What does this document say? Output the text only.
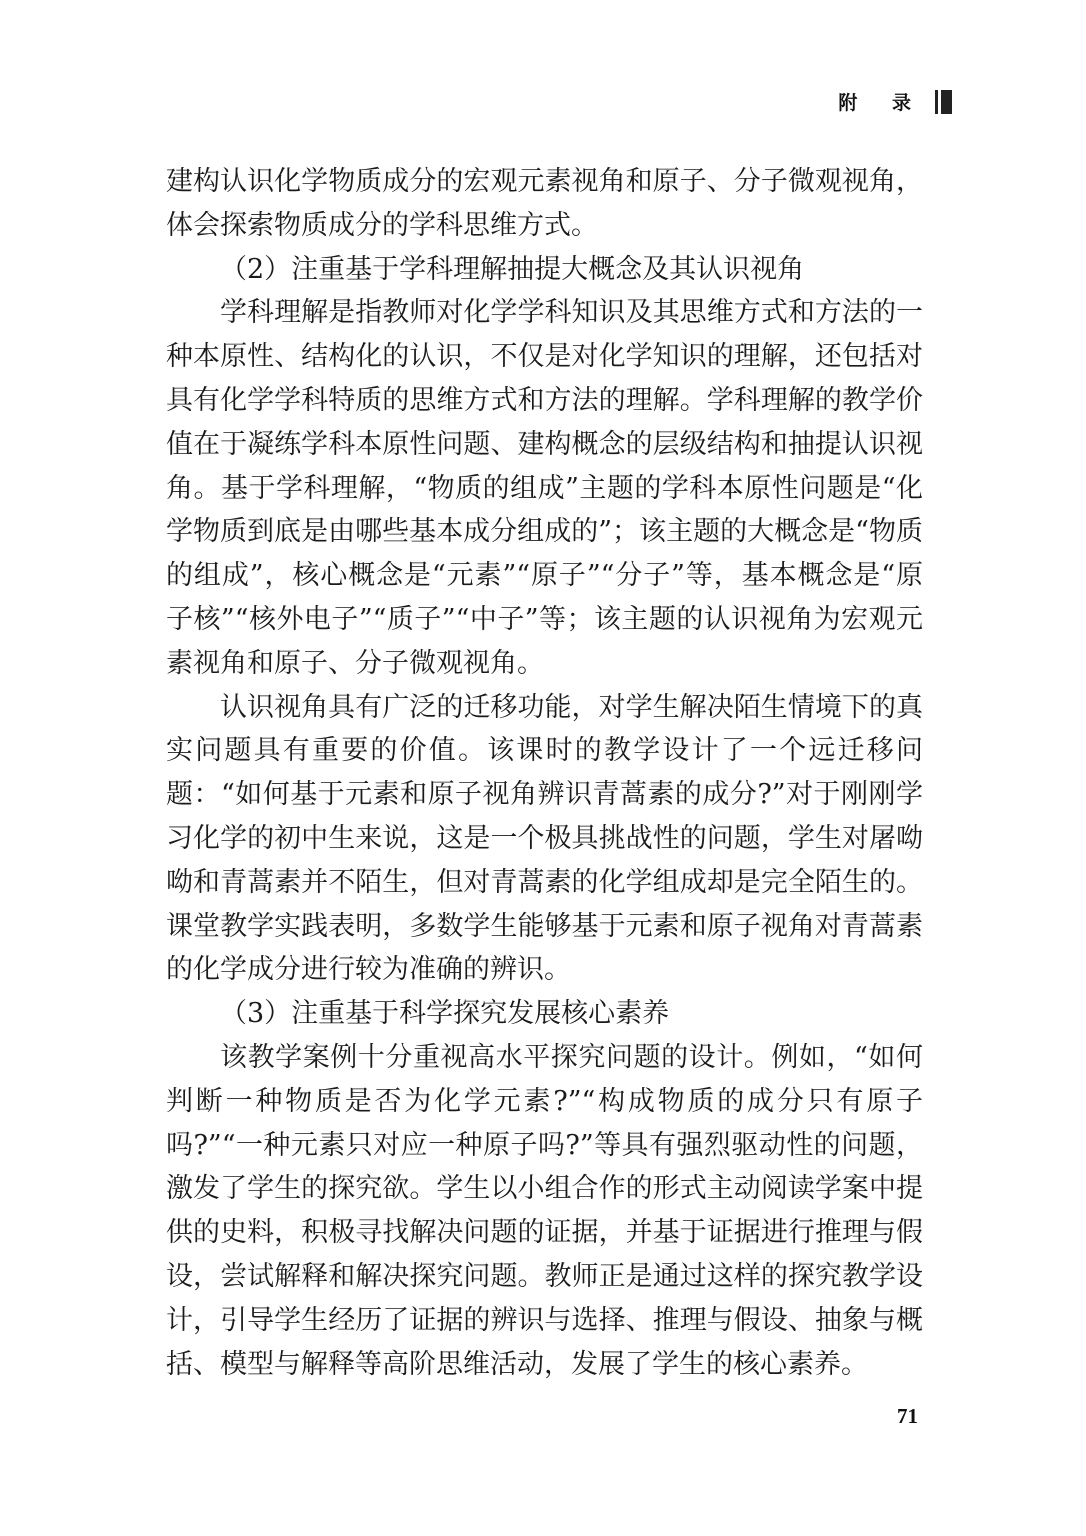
附 录

建构认识化学物质成分的宏观元素视角和原子、分子微观视角，体会探索物质成分的学科思维方式。

（2）注重基于学科理解抽提大概念及其认识视角

学科理解是指教师对化学学科知识及其思维方式和方法的一种本原性、结构化的认识，不仅是对化学知识的理解，还包括对具有化学学科特质的思维方式和方法的理解。学科理解的教学价值在于凝练学科本原性问题、建构概念的层级结构和抽提认识视角。基于学科理解，“物质的组成”主题的学科本原性问题是“化学物质到底是由哪些基本成分组成的”；该主题的大概念是“物质的组成”，核心概念是“元素”“原子”“分子”等，基本概念是“原子核”“核外电子”“质子”“中子”等；该主题的认识视角为宏观元素视角和原子、分子微观视角。

认识视角具有广泛的迁移功能，对学生解决陌生情境下的真实问题具有重要的价值。该课时的教学设计了一个远迁移问题：“如何基于元素和原子视角辨识青蒿素的成分?”对于刚刚学习化学的初中生来说，这是一个极具挑战性的问题，学生对屠呦呦和青蒿素并不陌生，但对青蒿素的化学组成却是完全陌生的。课堂教学实践表明，多数学生能够基于元素和原子视角对青蒿素的化学成分进行较为准确的辨识。

（3）注重基于科学探究发展核心素养

该教学案例十分重视高水平探究问题的设计。例如，“如何判断一种物质是否为化学元素?”“构成物质的成分只有原子吗?”“一种元素只对应一种原子吗?”等具有强烈驱动性的问题，激发了学生的探究欲。学生以小组合作的形式主动阅读学案中提供的史料，积极寻找解决问题的证据，并基于证据进行推理与假设，尝试解释和解决探究问题。教师正是通过这样的探究教学设计，引导学生经历了证据的辨识与选择、推理与假设、抽象与概括、模型与解释等高阶思维活动，发展了学生的核心素养。

71
